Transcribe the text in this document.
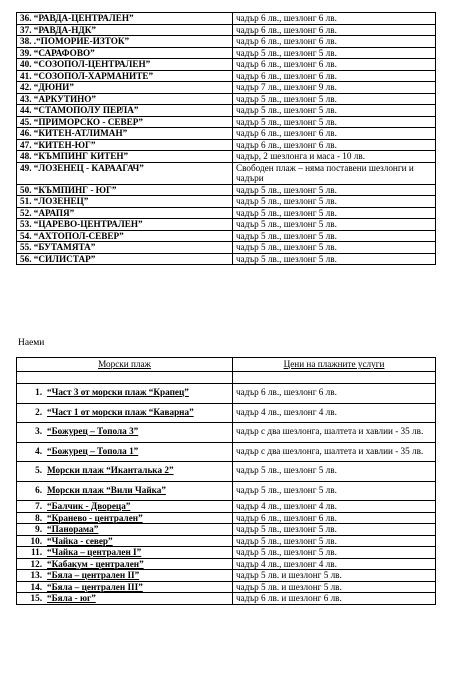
36. “РАВДА-ЦЕНТРАЛЕН”	чадър 6 лв., шезлонг 6 лв.
37. “РАВДА-НДК”	чадър 6 лв., шезлонг 6 лв.
38. .“ПОМОРИЕ-ИЗТОК”	чадър 6 лв., шезлонг 6 лв.
39. “САРАФОВО”	чадър 5 лв., шезлонг 5 лв.
40. “СОЗОПОЛ-ЦЕНТРАЛЕН”	чадър 6 лв., шезлонг 6 лв.
41. “СОЗОПОЛ-ХАРМАНИТЕ”	чадър 6 лв., шезлонг 6 лв.
42. “ДЮНИ”	чадър 7 лв., шезлонг 9 лв.
43. “АРКУТИНО”	чадър 5 лв., шезлонг 5 лв.
44. “СТАМОПОЛУ ПЕРЛА”	чадър 5 лв., шезлонг 5 лв.
45. “ПРИМОРСКО - СЕВЕР”	чадър 5 лв., шезлонг 5 лв.
46. “КИТЕН-АТЛИМАН”	чадър 6 лв., шезлонг 6 лв.
47. “КИТЕН-ЮГ”	чадър 6 лв., шезлонг 6 лв.
48. “КЪМПИНГ КИТЕН”	чадър, 2 шезлонга и маса - 10 лв.
49. “ЛОЗЕНЕЦ - КАРААГАЧ”	Свободен плаж – няма поставени шезлонги и чадъри
50. “КЪМПИНГ - ЮГ”	чадър 5 лв., шезлонг 5 лв.
51. “ЛОЗЕНЕЦ”	чадър 5 лв., шезлонг 5 лв.
52. “АРАПЯ”	чадър 5 лв., шезлонг 5 лв.
53. “ЦАРЕВО-ЦЕНТРАЛЕН”	чадър 5 лв., шезлонг 5 лв.
54. “АХТОПОЛ-СЕВЕР”	чадър 5 лв., шезлонг 5 лв.
55. “БУТАМЯТА”	чадър 5 лв., шезлонг 5 лв.
56. “СИЛИСТАР”	чадър 5 лв., шезлонг 5 лв.
Наеми
Морски плаж	Цени на плажните услуги

1. “Част 3 от морски плаж “Крапец”	чадър 6 лв., шезлонг 6 лв.
2. “Част 1 от морски плаж “Каварна”	чадър 4 лв., шезлонг 4 лв.
3. “Божурец – Тополa 3”	чадър с два шезлонга, шалтета и хавлии - 35 лв.
4. “Божурец – Тополa 1”	чадър с два шезлонга, шалтета и хавлии - 35 лв.
5. Морски плаж “Иканталька 2”	чадър 5 лв., шезлонг 5 лв.
6. Морски плаж “Вили Чайка”	чадър 5 лв., шезлонг 5 лв.
7. “Балчик - Дворецa”	чадър 4 лв., шезлонг 4 лв.
8. “Кранево - централен”	чадър 6 лв., шезлонг 6 лв.
9. “Панорама”	чадър 5 лв., шезлонг 5 лв.
10. “Чайка - север”	чадър 5 лв., шезлонг 5 лв.
11. “Чайка – централен I”	чадър 5 лв., шезлонг 5 лв.
12. “Кабакум - централен”	чадър 4 лв., шезлонг 4 лв.
13. “Бяла – централен II”	чадър 5 лв. и шезлонг 5 лв.
14. “Бяла – централен III”	чадър 5 лв. и шезлонг 5 лв.
15. “Бяла - юг”	чадър 6 лв. и шезлонг 6 лв.
